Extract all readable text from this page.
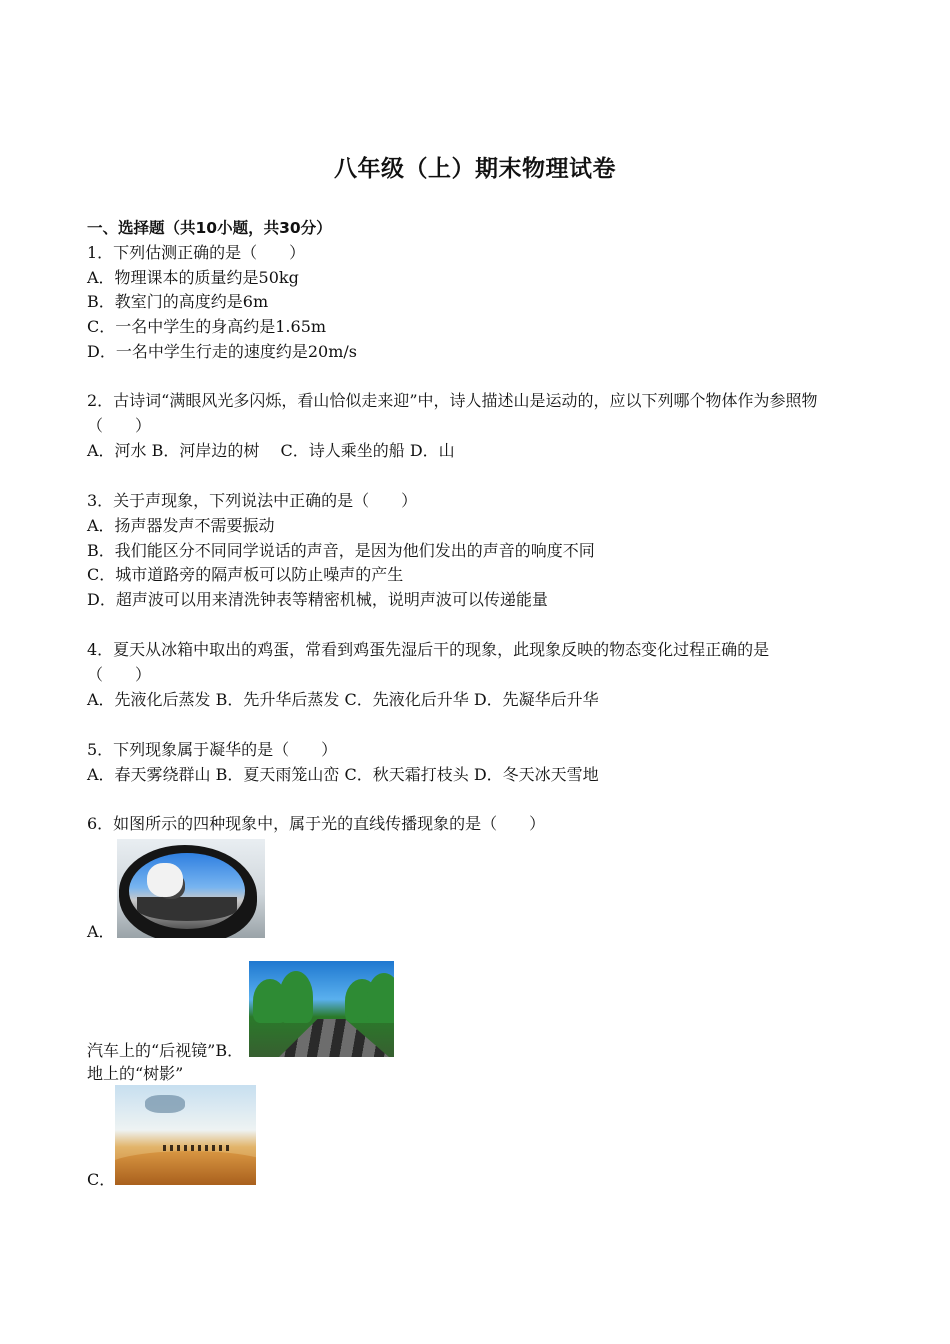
八年级（上）期末物理试卷
一、选择题（共10小题，共30分）
1．下列估测正确的是（　　）
A．物理课本的质量约是50kg
B．教室门的高度约是6m
C．一名中学生的身高约是1.65m
D．一名中学生行走的速度约是20m/s
2．古诗词“满眼风光多闪烁，看山恰似走来迎”中，诗人描述山是运动的，应以下列哪个物体作为参照物
（　　）
A．河水 B．河岸边的树　 C．诗人乘坐的船 D．山
3．关于声现象，下列说法中正确的是（　　）
A．扬声器发声不需要振动
B．我们能区分不同同学说话的声音，是因为他们发出的声音的响度不同
C．城市道路旁的隔声板可以防止噪声的产生
D．超声波可以用来清洗钟表等精密机械，说明声波可以传递能量
4．夏天从冰箱中取出的鸡蛋，常看到鸡蛋先湿后干的现象，此现象反映的物态变化过程正确的是
（　　）
A．先液化后蒸发 B．先升华后蒸发 C．先液化后升华 D．先凝华后升华
5．下列现象属于凝华的是（　　）
A．春天雾绕群山 B．夏天雨笼山峦 C．秋天霜打枝头 D．冬天冰天雪地
6．如图所示的四种现象中，属于光的直线传播现象的是（　　）
A．
汽车上的“后视镜”B．
地上的“树影”
C．
